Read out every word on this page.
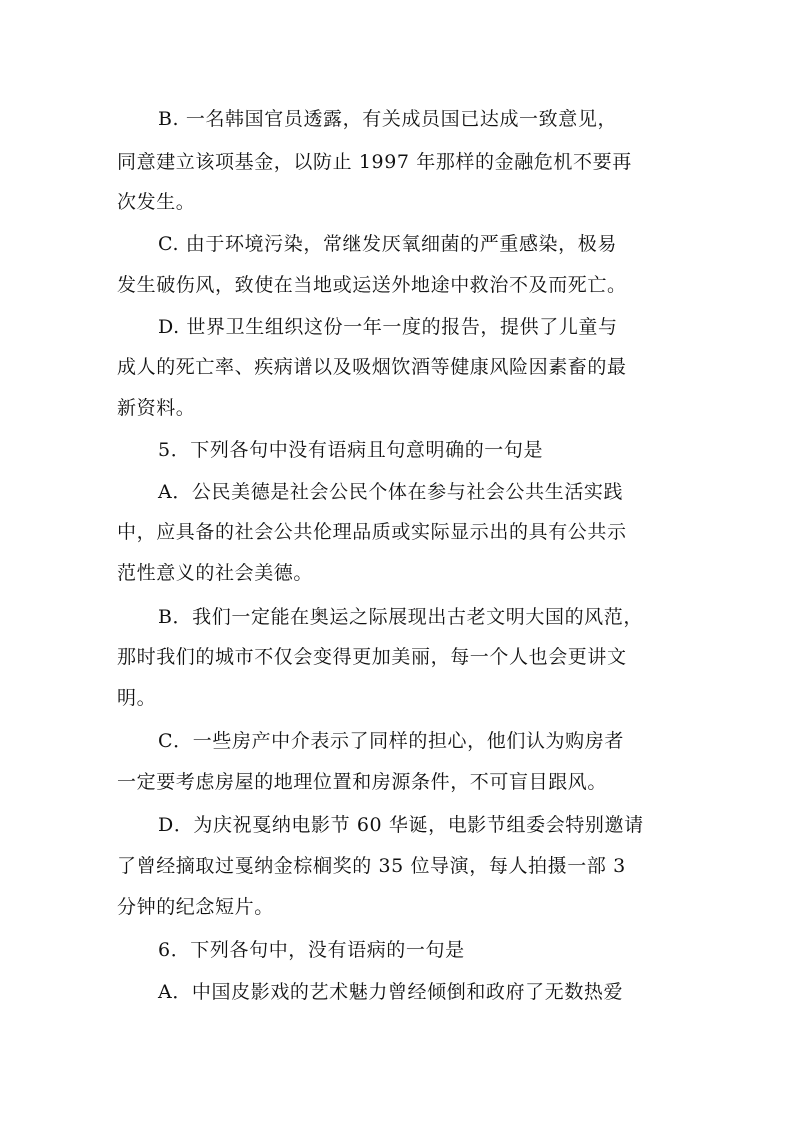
B. 一名韩国官员透露，有关成员国已达成一致意见，
同意建立该项基金，以防止 1997 年那样的金融危机不要再
次发生。
C. 由于环境污染，常继发厌氧细菌的严重感染，极易
发生破伤风，致使在当地或运送外地途中救治不及而死亡。
D. 世界卫生组织这份一年一度的报告，提供了儿童与
成人的死亡率、疾病谱以及吸烟饮酒等健康风险因素畜的最
新资料。
5．下列各句中没有语病且句意明确的一句是
A．公民美德是社会公民个体在参与社会公共生活实践
中，应具备的社会公共伦理品质或实际显示出的具有公共示
范性意义的社会美德。
B．我们一定能在奥运之际展现出古老文明大国的风范，
那时我们的城市不仅会变得更加美丽，每一个人也会更讲文
明。
C．一些房产中介表示了同样的担心，他们认为购房者
一定要考虑房屋的地理位置和房源条件，不可盲目跟风。
D．为庆祝戛纳电影节 60 华诞，电影节组委会特别邀请
了曾经摘取过戛纳金棕榈奖的 35 位导演，每人拍摄一部 3
分钟的纪念短片。
6．下列各句中，没有语病的一句是
A．中国皮影戏的艺术魅力曾经倾倒和政府了无数热爱
